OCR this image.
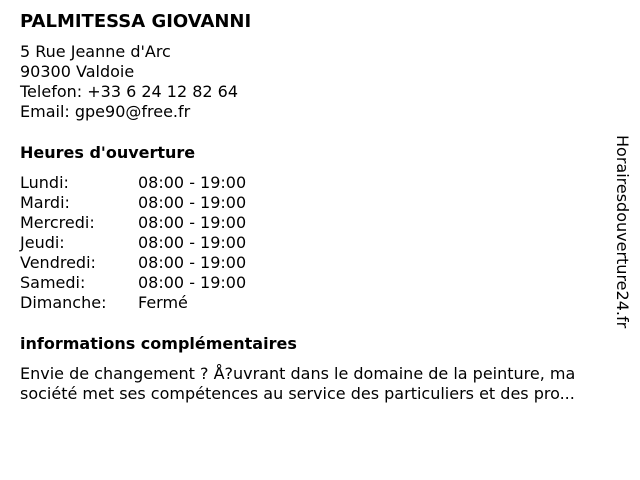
PALMITESSA GIOVANNI
5 Rue Jeanne d'Arc
90300 Valdoie
Telefon: +33 6 24 12 82 64
Email: gpe90@free.fr
Heures d'ouverture
Lundi:	08:00 - 19:00
Mardi:	08:00 - 19:00
Mercredi:	08:00 - 19:00
Jeudi:	08:00 - 19:00
Vendredi:	08:00 - 19:00
Samedi:	08:00 - 19:00
Dimanche:	Fermé
informations complémentaires
Envie de changement ? Å?uvrant dans le domaine de la peinture, ma
société met ses compétences au service des particuliers et des pro...
Horairesdouverture24.fr
